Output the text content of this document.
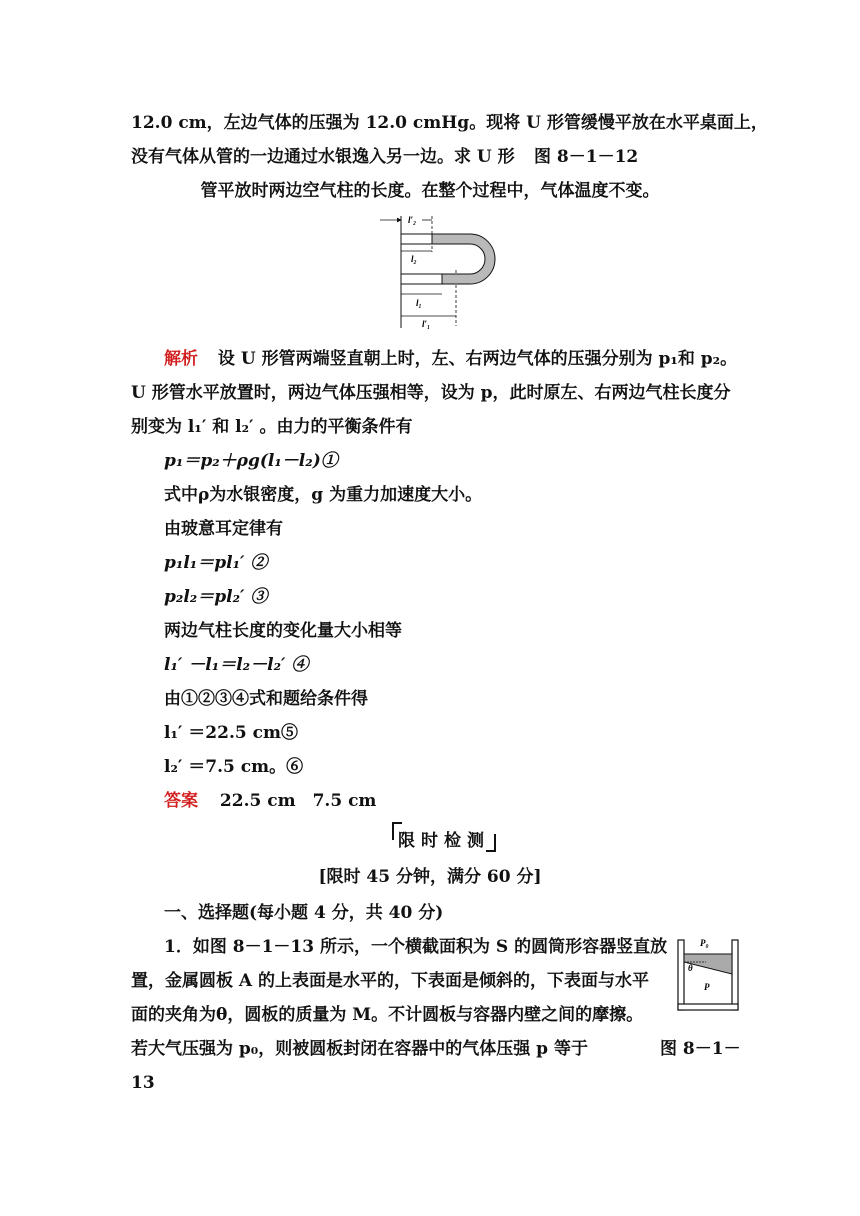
12.0 cm，左边气体的压强为 12.0 cmHg。现将 U 形管缓慢平放在水平桌面上，
没有气体从管的一边通过水银逸入另一边。求 U 形 图 8－1－12
管平放时两边空气柱的长度。在整个过程中，气体温度不变。
l′₂
l₂
l₁
l′₁
解析 设 U 形管两端竖直朝上时，左、右两边气体的压强分别为 p₁和 p₂。
U 形管水平放置时，两边气体压强相等，设为 p，此时原左、右两边气柱长度分
别变为 l₁′ 和 l₂′ 。由力的平衡条件有
p₁＝p₂＋ρg(l₁－l₂)①
式中ρ为水银密度，g 为重力加速度大小。
由玻意耳定律有
p₁l₁＝pl₁′ ②
p₂l₂＝pl₂′ ③
两边气柱长度的变化量大小相等
l₁′ －l₁＝l₂－l₂′ ④
由①②③④式和题给条件得
l₁′ ＝22.5 cm⑤
l₂′ ＝7.5 cm。⑥
答案 22.5 cm　7.5 cm
限时检测
[限时 45 分钟，满分 60 分]
一、选择题(每小题 4 分，共 40 分)
1．如图 8－1－13 所示，一个横截面积为 S 的圆筒形容器竖直放
置，金属圆板 A 的上表面是水平的，下表面是倾斜的，下表面与水平
面的夹角为θ，圆板的质量为 M。不计圆板与容器内壁之间的摩擦。
若大气压强为 p₀，则被圆板封闭在容器中的气体压强 p 等于	图 8－1－
13
P₀
θ
P
